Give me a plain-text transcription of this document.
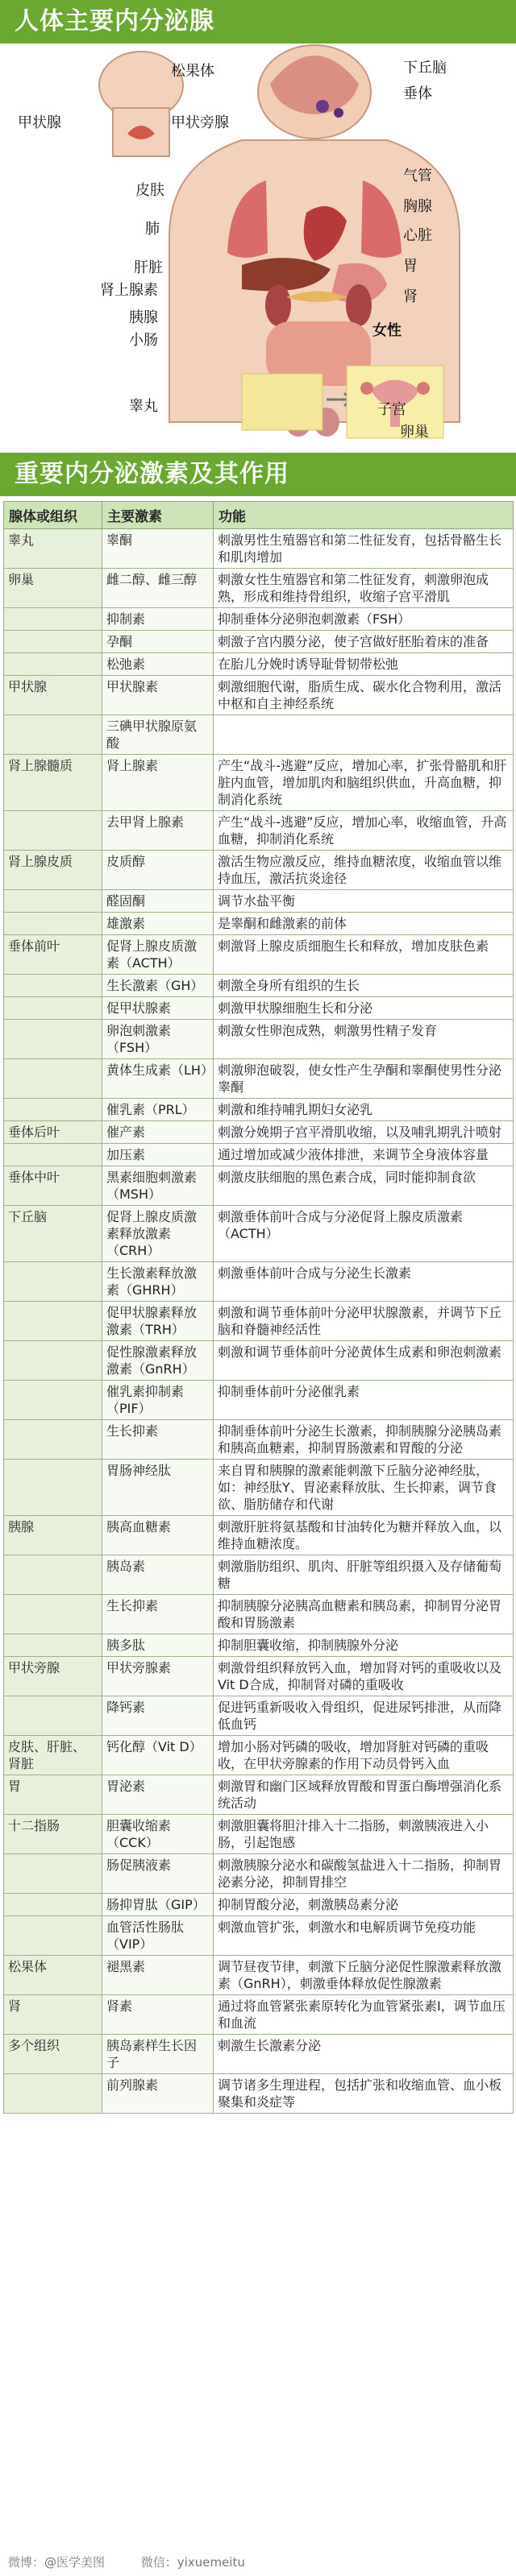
人体主要内分泌腺
松果体	下丘脑
垂体
甲状腺	甲状旁腺
皮肤
气管
胸腺
肺	心脏
肝脏	胃
肾上腺素	肾
胰腺
小肠
女性
子宫
睾丸
卵巢
重要内分泌激素及其作用
腺体或组织	主要激素	功能
睾丸	睾酮	刺激男性生殖器官和第二性征发育，包括骨骼生长和肌肉增加
卵巢	雌二醇、雌三醇	刺激女性生殖器官和第二性征发育，刺激卵泡成熟，形成和维持骨组织，收缩子宫平滑肌
	抑制素	抑制垂体分泌卵泡刺激素（FSH）
	孕酮	刺激子宫内膜分泌，使子宫做好胚胎着床的准备
	松弛素	在胎儿分娩时诱导耻骨韧带松弛
甲状腺	甲状腺素	刺激细胞代谢，脂质生成、碳水化合物利用，激活中枢和自主神经系统
	三碘甲状腺原氨酸	
肾上腺髓质	肾上腺素	产生“战斗-逃避”反应，增加心率，扩张骨骼肌和肝脏内血管，增加肌肉和脑组织供血，升高血糖，抑制消化系统
	去甲肾上腺素	产生“战斗-逃避”反应，增加心率，收缩血管，升高血糖，抑制消化系统
肾上腺皮质	皮质醇	激活生物应激反应，维持血糖浓度，收缩血管以维持血压，激活抗炎途径
	醛固酮	调节水盐平衡
	雄激素	是睾酮和雌激素的前体
垂体前叶	促肾上腺皮质激素（ACTH）	刺激肾上腺皮质细胞生长和释放，增加皮肤色素
	生长激素（GH）	刺激全身所有组织的生长
	促甲状腺素	刺激甲状腺细胞生长和分泌
	卵泡刺激素（FSH）	刺激女性卵泡成熟，刺激男性精子发育
	黄体生成素（LH）	刺激卵泡破裂，使女性产生孕酮和睾酮使男性分泌睾酮
	催乳素（PRL）	刺激和维持哺乳期妇女泌乳
垂体后叶	催产素	刺激分娩期子宫平滑肌收缩，以及哺乳期乳汁喷射
	加压素	通过增加或减少液体排泄，来调节全身液体容量
垂体中叶	黑素细胞刺激素（MSH）	刺激皮肤细胞的黑色素合成，同时能抑制食欲
下丘脑	促肾上腺皮质激素释放激素（CRH）	刺激垂体前叶合成与分泌促肾上腺皮质激素（ACTH）
	生长激素释放激素（GHRH）	刺激垂体前叶合成与分泌生长激素
	促甲状腺素释放激素（TRH）	刺激和调节垂体前叶分泌甲状腺激素，并调节下丘脑和脊髓神经活性
	促性腺激素释放激素（GnRH）	刺激和调节垂体前叶分泌黄体生成素和卵泡刺激素
	催乳素抑制素（PIF）	抑制垂体前叶分泌催乳素
	生长抑素	抑制垂体前叶分泌生长激素，抑制胰腺分泌胰岛素和胰高血糖素，抑制胃肠激素和胃酸的分泌
	胃肠神经肽	来自胃和胰腺的激素能刺激下丘脑分泌神经肽，如：神经肽Y、胃泌素释放肽、生长抑素，调节食欲、脂肪储存和代谢
胰腺	胰高血糖素	刺激肝脏将氨基酸和甘油转化为糖并释放入血，以维持血糖浓度。
	胰岛素	刺激脂肪组织、肌肉、肝脏等组织摄入及存储葡萄糖
	生长抑素	抑制胰腺分泌胰高血糖素和胰岛素，抑制胃分泌胃酸和胃肠激素
	胰多肽	抑制胆囊收缩，抑制胰腺外分泌
甲状旁腺	甲状旁腺素	刺激骨组织释放钙入血，增加肾对钙的重吸收以及Vit D合成，抑制肾对磷的重吸收
	降钙素	促进钙重新吸收入骨组织，促进尿钙排泄，从而降低血钙
皮肤、肝脏、肾脏	钙化醇（Vit D）	增加小肠对钙磷的吸收，增加肾脏对钙磷的重吸收，在甲状旁腺素的作用下动员骨钙入血
胃	胃泌素	刺激胃和幽门区域释放胃酸和胃蛋白酶增强消化系统活动
十二指肠	胆囊收缩素（CCK）	刺激胆囊将胆汁排入十二指肠，刺激胰液进入小肠，引起饱感
	肠促胰液素	刺激胰腺分泌水和碳酸氢盐进入十二指肠，抑制胃泌素分泌，抑制胃排空
	肠抑胃肽（GIP）	抑制胃酸分泌，刺激胰岛素分泌
	血管活性肠肽（VIP）	刺激血管扩张，刺激水和电解质调节免疫功能
松果体	褪黑素	调节昼夜节律，刺激下丘脑分泌促性腺激素释放激素（GnRH），刺激垂体释放促性腺激素
肾	肾素	通过将血管紧张素原转化为血管紧张素Ⅰ，调节血压和血流
多个组织	胰岛素样生长因子	刺激生长激素分泌
	前列腺素	调节诸多生理进程，包括扩张和收缩血管、血小板聚集和炎症等
微博：@医学美图	微信：yixuemeitu
